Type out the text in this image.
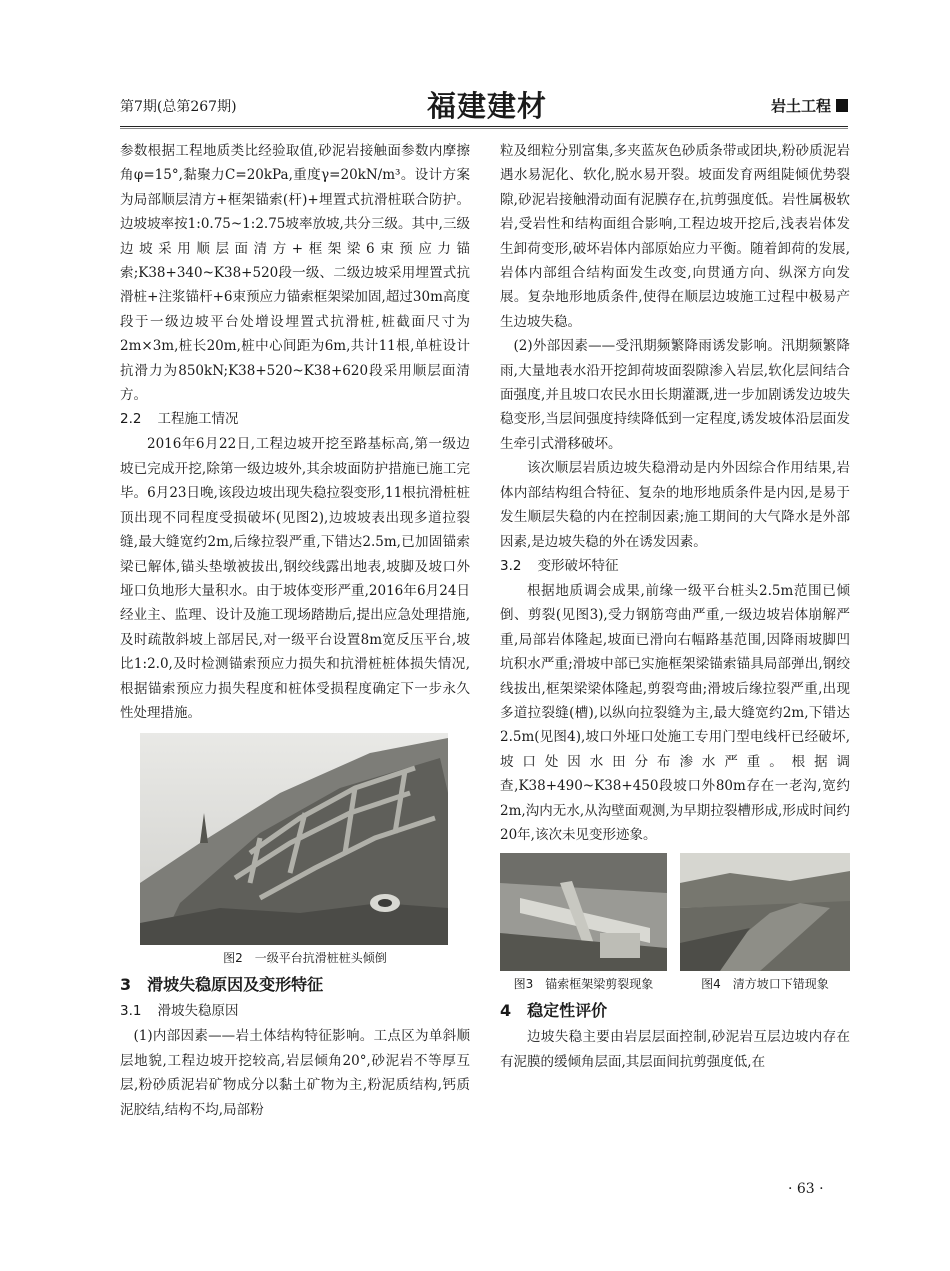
第7期(总第267期)	福建建材	岩土工程

参数根据工程地质类比经验取值,砂泥岩接触面参数内摩擦角φ=15°,黏聚力C=20kPa,重度γ=20kN/m³。设计方案为局部顺层清方+框架锚索(杆)+埋置式抗滑桩联合防护。边坡坡率按1:0.75~1:2.75坡率放坡,共分三级。其中,三级边坡采用顺层面清方+框架梁6束预应力锚索;K38+340~K38+520段一级、二级边坡采用埋置式抗滑桩+注浆锚杆+6束预应力锚索框架梁加固,超过30m高度段于一级边坡平台处增设埋置式抗滑桩,桩截面尺寸为2m×3m,桩长20m,桩中心间距为6m,共计11根,单桩设计抗滑力为850kN;K38+520~K38+620段采用顺层面清方。

2.2 工程施工情况

2016年6月22日,工程边坡开挖至路基标高,第一级边坡已完成开挖,除第一级边坡外,其余坡面防护措施已施工完毕。6月23日晚,该段边坡出现失稳拉裂变形,11根抗滑桩桩顶出现不同程度受损破坏(见图2),边坡坡表出现多道拉裂缝,最大缝宽约2m,后缘拉裂严重,下错达2.5m,已加固锚索梁已解体,锚头垫墩被拔出,钢绞线露出地表,坡脚及坡口外垭口负地形大量积水。由于坡体变形严重,2016年6月24日经业主、监理、设计及施工现场踏勘后,提出应急处理措施,及时疏散斜坡上部居民,对一级平台设置8m宽反压平台,坡比1:2.0,及时检测锚索预应力损失和抗滑桩桩体损失情况,根据锚索预应力损失程度和桩体受损程度确定下一步永久性处理措施。

图2　一级平台抗滑桩桩头倾倒
3 滑坡失稳原因及变形特征
3.1 滑坡失稳原因

(1)内部因素——岩土体结构特征影响。工点区为单斜顺层地貌,工程边坡开挖较高,岩层倾角20°,砂泥岩不等厚互层,粉砂质泥岩矿物成分以黏土矿物为主,粉泥质结构,钙质泥胶结,结构不均,局部粉

粒及细粒分别富集,多夹蓝灰色砂质条带或团块,粉砂质泥岩遇水易泥化、软化,脱水易开裂。坡面发育两组陡倾优势裂隙,砂泥岩接触滑动面有泥膜存在,抗剪强度低。岩性属极软岩,受岩性和结构面组合影响,工程边坡开挖后,浅表岩体发生卸荷变形,破坏岩体内部原始应力平衡。随着卸荷的发展,岩体内部组合结构面发生改变,向贯通方向、纵深方向发展。复杂地形地质条件,使得在顺层边坡施工过程中极易产生边坡失稳。

(2)外部因素——受汛期频繁降雨诱发影响。汛期频繁降雨,大量地表水沿开挖卸荷坡面裂隙渗入岩层,软化层间结合面强度,并且坡口农民水田长期灌溉,进一步加剧诱发边坡失稳变形,当层间强度持续降低到一定程度,诱发坡体沿层面发生牵引式滑移破坏。

该次顺层岩质边坡失稳滑动是内外因综合作用结果,岩体内部结构组合特征、复杂的地形地质条件是内因,是易于发生顺层失稳的内在控制因素;施工期间的大气降水是外部因素,是边坡失稳的外在诱发因素。

3.2 变形破坏特征

根据地质调会成果,前缘一级平台桩头2.5m范围已倾倒、剪裂(见图3),受力钢筋弯曲严重,一级边坡岩体崩解严重,局部岩体隆起,坡面已滑向右幅路基范围,因降雨坡脚凹坑积水严重;滑坡中部已实施框架梁锚索锚具局部弹出,钢绞线拔出,框架梁梁体隆起,剪裂弯曲;滑坡后缘拉裂严重,出现多道拉裂缝(槽),以纵向拉裂缝为主,最大缝宽约2m,下错达2.5m(见图4),坡口外垭口处施工专用门型电线杆已经破坏,坡口处因水田分布渗水严重。根据调查,K38+490~K38+450段坡口外80m存在一老沟,宽约2m,沟内无水,从沟壁面观测,为早期拉裂槽形成,形成时间约20年,该次未见变形迹象。

图3　锚索框架梁剪裂现象	图4　清方坡口下错现象
4 稳定性评价

边坡失稳主要由岩层层面控制,砂泥岩互层边坡内存在有泥膜的缓倾角层面,其层面间抗剪强度低,在

· 63 ·
